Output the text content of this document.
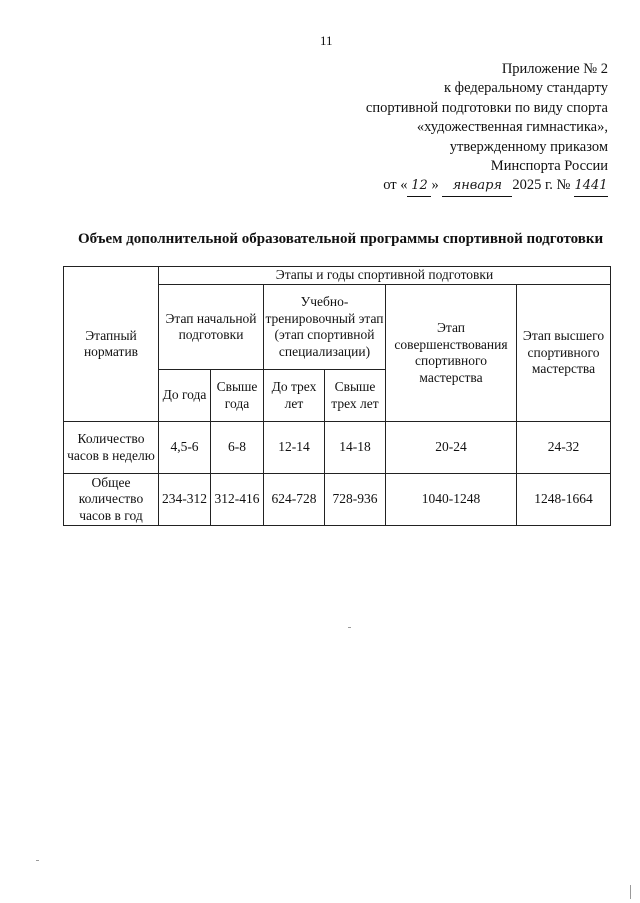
11
Приложение № 2
к федеральному стандарту
спортивной подготовки по виду спорта
«художественная гимнастика»,
утвержденному приказом
Минспорта России
от « 12 » января 2025 г. № 1441
Объем дополнительной образовательной программы спортивной подготовки
Этапный норматив	Этапы и годы спортивной подготовки					
	Этап начальной подготовки		Учебно-тренировочный этап (этап спортивной специализации)		Этап совершенствования спортивного мастерства	Этап высшего спортивного мастерства
	До года	Свыше года	До трех лет	Свыше трех лет		
Количество часов в неделю	4,5-6	6-8	12-14	14-18	20-24	24-32
Общее количество часов в год	234-312	312-416	624-728	728-936	1040-1248	1248-1664
